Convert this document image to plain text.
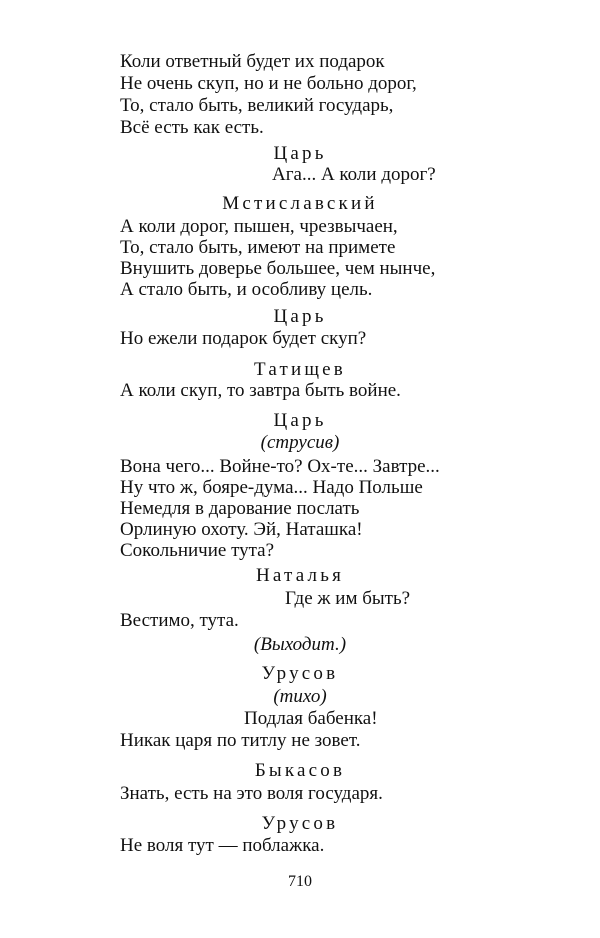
Коли ответный будет их подарок
Не очень скуп, но и не больно дорог,
То, стало быть, великий государь,
Всё есть как есть.
Царь
Ага... А коли дорог?
Мстиславский
А коли дорог, пышен, чрезвычаен,
То, стало быть, имеют на примете
Внушить доверье большее, чем нынче,
А стало быть, и особливу цель.
Царь
Но ежели подарок будет скуп?
Татищев
А коли скуп, то завтра быть войне.
Царь
(струсив)
Вона чего... Войне-то? Ох-те... Завтре...
Ну что ж, бояре-дума... Надо Польше
Немедля в дарование послать
Орлиную охоту. Эй, Наташка!
Сокольничие тута?
Наталья
Где ж им быть?
Вестимо, тута.
(Выходит.)
Урусов
(тихо)
Подлая бабенка!
Никак царя по титлу не зовет.
Быкасов
Знать, есть на это воля государя.
Урусов
Не воля тут — поблажка.
710
